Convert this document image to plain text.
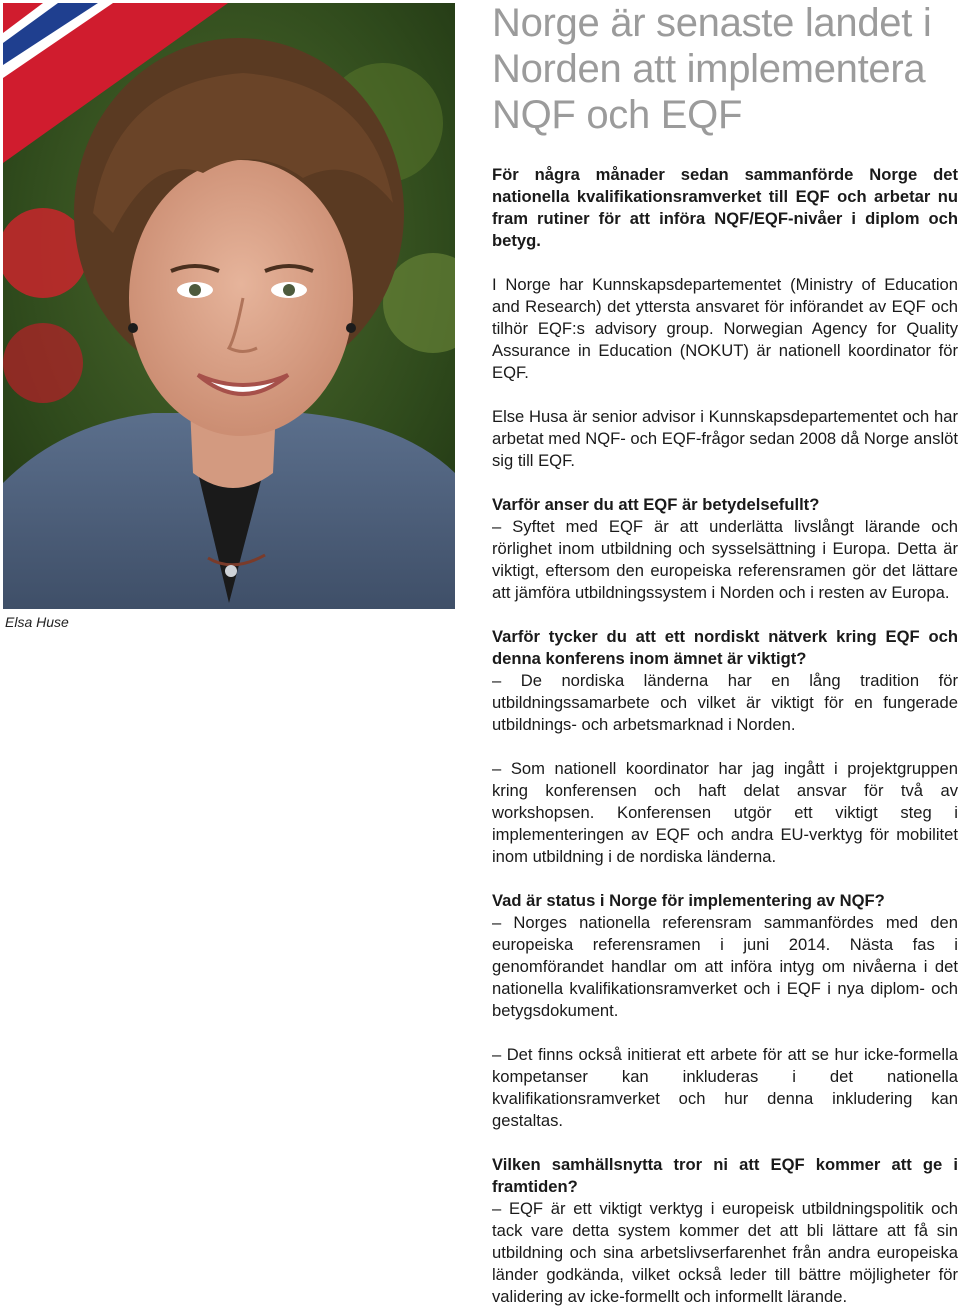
Elsa Huse
Norge är senaste landet i Norden att implementera NQF och EQF

För några månader sedan sammanförde Norge det nationella kvalifikationsramverket till EQF och arbetar nu fram rutiner för att införa NQF/EQF-nivåer i diplom och betyg.

I Norge har Kunnskapsdepartementet (Ministry of Education and Research) det yttersta ansvaret för införandet av EQF och tilhör EQF:s advisory group. Norwegian Agency for Quality Assurance in Education (NOKUT) är nationell koordinator för EQF.

Else Husa är senior advisor i Kunnskapsdepartementet och har arbetat med NQF- och EQF-frågor sedan 2008 då Norge anslöt sig till EQF.

Varför anser du att EQF är betydelsefullt?
– Syftet med EQF är att underlätta livslångt lärande och rörlighet inom utbildning och sysselsättning i Europa. Detta är viktigt, eftersom den europeiska referensramen gör det lättare att jämföra utbildningssystem i Norden och i resten av Europa.

Varför tycker du att ett nordiskt nätverk kring EQF och denna konferens inom ämnet är viktigt?
– De nordiska länderna har en lång tradition för utbildningssamarbete och vilket är viktigt för en fungerade utbildnings- och arbetsmarknad i Norden.

– Som nationell koordinator har jag ingått i projektgruppen kring konferensen och haft delat ansvar för två av workshopsen. Konferensen utgör ett viktigt steg i implementeringen av EQF och andra EU-verktyg för mobilitet inom utbildning i de nordiska länderna.

Vad är status i Norge för implementering av NQF?
– Norges nationella referensram sammanfördes med den europeiska referensramen i juni 2014. Nästa fas i genomförandet handlar om att införa intyg om nivåerna i det nationella kvalifikationsramverket och i EQF i nya diplom- och betygsdokument.

– Det finns också initierat ett arbete för att se hur icke-formella kompetanser kan inkluderas i det nationella kvalifikationsramverket och hur denna inkludering kan gestaltas.

Vilken samhällsnytta tror ni att EQF kommer att ge i framtiden?
– EQF är ett viktigt verktyg i europeisk utbildningspolitik och tack vare detta system kommer det att bli lättare att få sin utbildning och sina arbetslivserfarenhet från andra europeiska länder godkända, vilket också leder till bättre möjligheter för validering av icke-formellt och informellt lärande.
